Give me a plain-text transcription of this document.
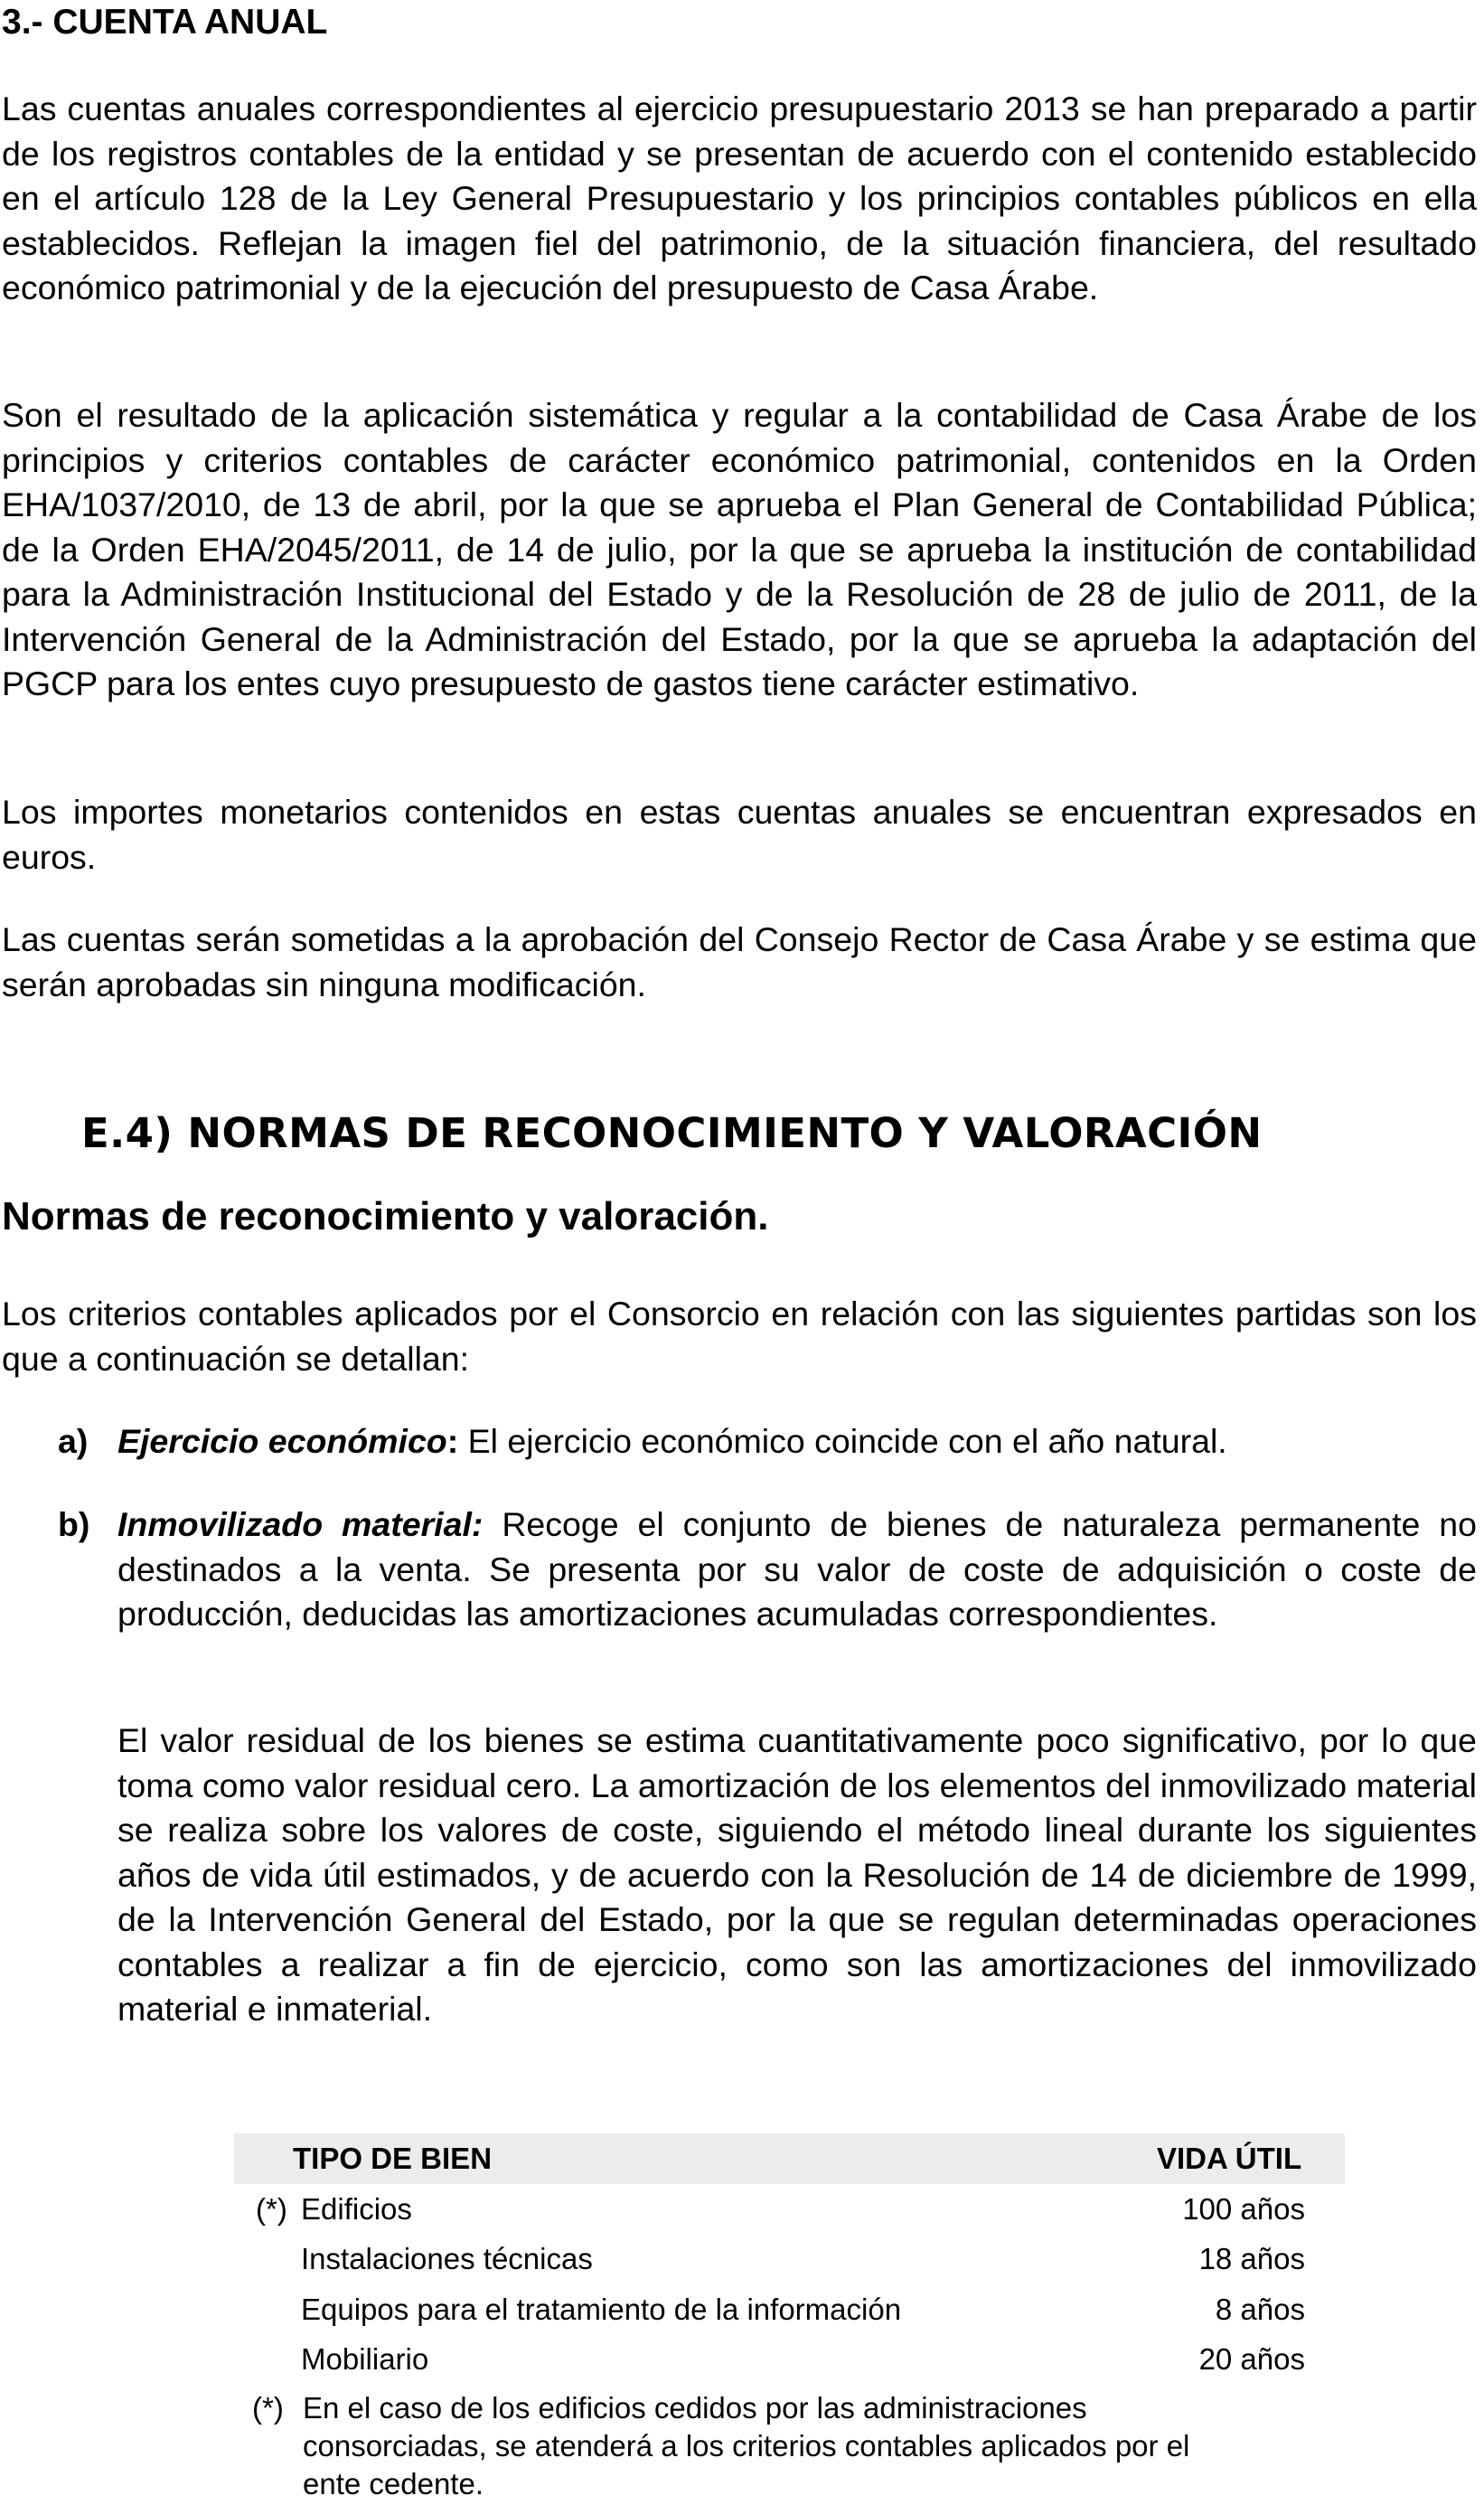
3.- CUENTA ANUAL
Las cuentas anuales correspondientes al ejercicio presupuestario 2013 se han preparado a partir de los registros contables de la entidad y se presentan de acuerdo con el contenido establecido en el artículo 128 de la Ley General Presupuestario y los principios contables públicos en ella establecidos. Reflejan la imagen fiel del patrimonio, de la situación financiera, del resultado económico patrimonial y de la ejecución del presupuesto de Casa Árabe.
Son el resultado de la aplicación sistemática y regular a la contabilidad de Casa Árabe de los principios y criterios contables de carácter económico patrimonial, contenidos en la Orden EHA/1037/2010, de 13 de abril, por la que se aprueba el Plan General de Contabilidad Pública; de la Orden EHA/2045/2011, de 14 de julio, por la que se aprueba la institución de contabilidad para la Administración Institucional del Estado y de la Resolución de 28 de julio de 2011, de la Intervención General de la Administración del Estado, por la que se aprueba la adaptación del PGCP para los entes cuyo presupuesto de gastos tiene carácter estimativo.
Los importes monetarios contenidos en estas cuentas anuales se encuentran expresados en euros.
Las cuentas serán sometidas a la aprobación del Consejo Rector de Casa Árabe y se estima que serán aprobadas sin ninguna modificación.
E.4) NORMAS DE RECONOCIMIENTO Y VALORACIÓN
Normas de reconocimiento y valoración.
Los criterios contables aplicados por el Consorcio en relación con las siguientes partidas son los que a continuación se detallan:
a) Ejercicio económico: El ejercicio económico coincide con el año natural.
b) Inmovilizado material: Recoge el conjunto de bienes de naturaleza permanente no destinados a la venta. Se presenta por su valor de coste de adquisición o coste de producción, deducidas las amortizaciones acumuladas correspondientes.
El valor residual de los bienes se estima cuantitativamente poco significativo, por lo que toma como valor residual cero. La amortización de los elementos del inmovilizado material se realiza sobre los valores de coste, siguiendo el método lineal durante los siguientes años de vida útil estimados, y de acuerdo con la Resolución de 14 de diciembre de 1999, de la Intervención General del Estado, por la que se regulan determinadas operaciones contables a realizar a fin de ejercicio, como son las amortizaciones del inmovilizado material e inmaterial.
TIPO DE BIEN	VIDA ÚTIL
(*) Edificios	100 años
Instalaciones técnicas	18 años
Equipos para el tratamiento de la información	8 años
Mobiliario	20 años
(*) En el caso de los edificios cedidos por las administraciones consorciadas, se atenderá a los criterios contables aplicados por el ente cedente.
